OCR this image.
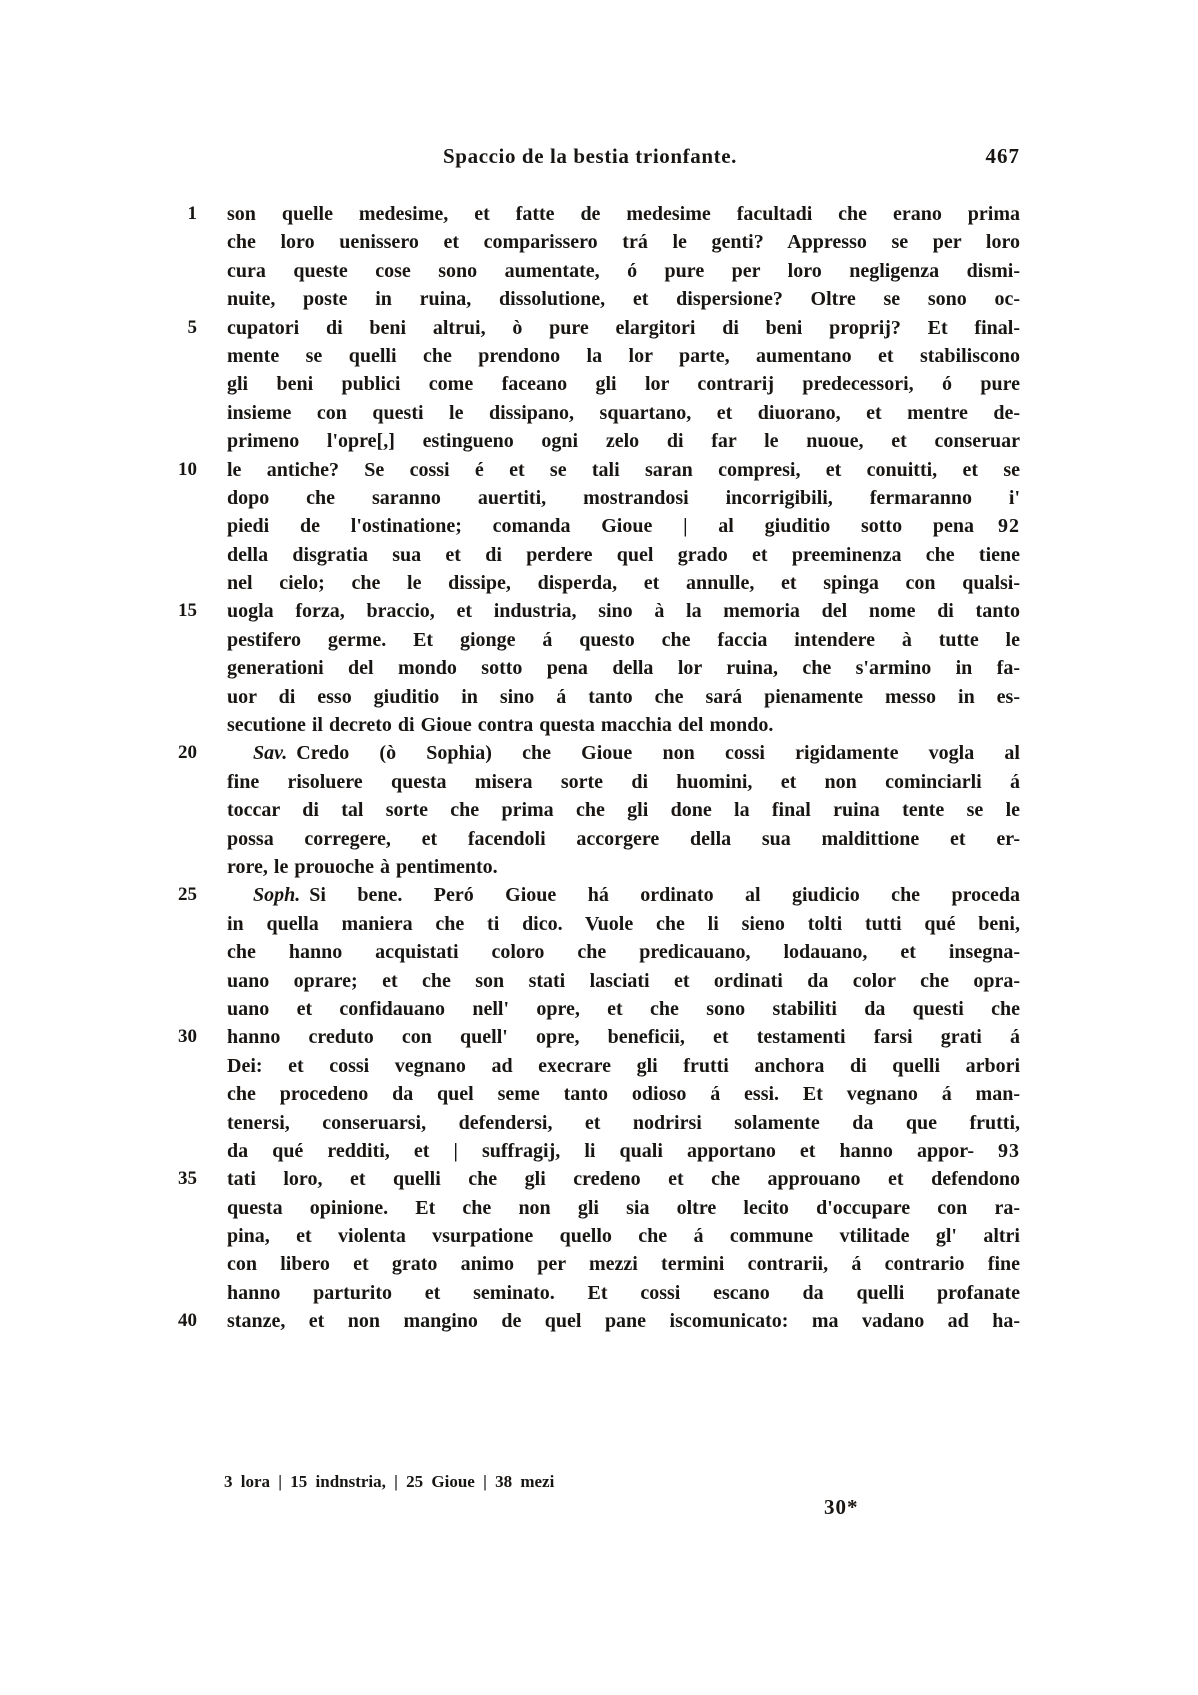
467
Spaccio de la bestia trionfante.
1 son quelle medesime, et fatte de medesime facultadi che erano prima
che loro uenissero et comparissero trá le genti? Appresso se per loro
cura queste cose sono aumentate, ó pure per loro negligenza dismi-
nuite, poste in ruina, dissolutione, et dispersione? Oltre se sono oc-
5 cupatori di beni altrui, ò pure elargitori di beni proprij? Et final-
mente se quelli che prendono la lor parte, aumentano et stabiliscono
gli beni publici come faceano gli lor contrarij predecessori, ó pure
insieme con questi le dissipano, squartano, et diuorano, et mentre de-
primeno l'opre[,] estingueno ogni zelo di far le nuoue, et conseruar
10 le antiche? Se cossi é et se tali saran compresi, et conuitti, et se
dopo che saranno auertiti, mostrandosi incorrigibili, fermaranno i'
piedi de l'ostinatione; comanda Gioue | al giuditio sotto pena	92
della disgratia sua et di perdere quel grado et preeminenza che tiene
nel cielo; che le dissipe, disperda, et annulle, et spinga con qualsi-
15 uogla forza, braccio, et industria, sino à la memoria del nome di tanto
pestifero germe. Et gionge á questo che faccia intendere à tutte le
generationi del mondo sotto pena della lor ruina, che s'armino in fa-
uor di esso giuditio in sino á tanto che sará pienamente messo in es-
secutione il decreto di Gioue contra questa macchia del mondo.
20	Sav. Credo (ò Sophia) che Gioue non cossi rigidamente vogla al
fine risoluere questa misera sorte di huomini, et non cominciarli á
toccar di tal sorte che prima che gli done la final ruina tente se le
possa corregere, et facendoli accorgere della sua maldittione et er-
rore, le prouoche à pentimento.
25	Soph. Si bene. Peró Gioue há ordinato al giudicio che proceda
in quella maniera che ti dico. Vuole che li sieno tolti tutti qué beni,
che hanno acquistati coloro che predicauano, lodauano, et insegna-
uano oprare; et che son stati lasciati et ordinati da color che opra-
uano et confidauano nell' opre, et che sono stabiliti da questi che
30 hanno creduto con quell' opre, beneficii, et testamenti farsi grati á
Dei: et cossi vegnano ad execrare gli frutti anchora di quelli arbori
che procedeno da quel seme tanto odioso á essi. Et vegnano á man-
tenersi, conseruarsi, defendersi, et nodrirsi solamente da que frutti,
da qué redditi, et | suffragij, li quali apportano et hanno appor-	93
35 tati loro, et quelli che gli credeno et che approuano et defendono
questa opinione. Et che non gli sia oltre lecito d'occupare con ra-
pina, et violenta vsurpatione quello che á commune vtilitade gl' altri
con libero et grato animo per mezzi termini contrarii, á contrario fine
hanno parturito et seminato. Et cossi escano da quelli profanate
40 stanze, et non mangino de quel pane iscomunicato: ma vadano ad ha-
3 lora | 15 indnstria, | 25 Gioue | 38 mezi
30*
